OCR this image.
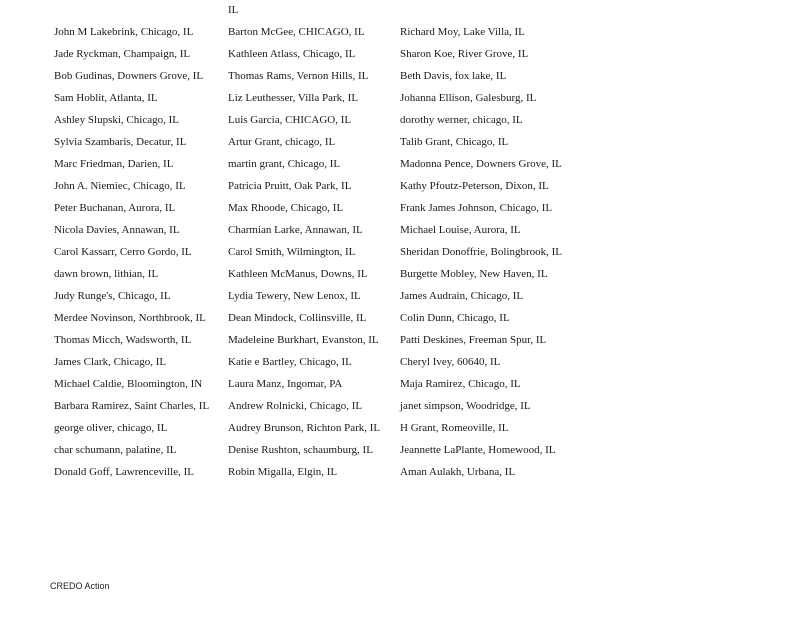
IL
John M Lakebrink, Chicago, IL	Barton McGee, CHICAGO, IL	Richard Moy, Lake Villa, IL
Jade Ryckman, Champaign, IL	Kathleen Atlass, Chicago, IL	Sharon Koe, River Grove, IL
Bob Gudinas, Downers Grove, IL	Thomas Rams, Vernon Hills, IL	Beth Davis, fox lake, IL
Sam Hoblit, Atlanta, IL	Liz Leuthesser, Villa Park, IL	Johanna Ellison, Galesburg, IL
Ashley Slupski, Chicago, IL	Luis Garcia, CHICAGO, IL	dorothy werner, chicago, IL
Sylvia Szambaris, Decatur, IL	Artur Grant, chicago, IL	Talib Grant, Chicago, IL
Marc Friedman, Darien, IL	martin grant, Chicago, IL	Madonna Pence, Downers Grove, IL
John A. Niemiec, Chicago, IL	Patricia Pruitt, Oak Park, IL	Kathy Pfoutz-Peterson, Dixon, IL
Peter Buchanan, Aurora, IL	Max Rhoode, Chicago, IL	Frank James Johnson, Chicago, IL
Nicola Davies, Annawan, IL	Charmian Larke, Annawan, IL	Michael Louise, Aurora, IL
Carol Kassarr, Cerro Gordo, IL	Carol Smith, Wilmington, IL	Sheridan Donoffrie, Bolingbrook, IL
dawn brown, lithian, IL	Kathleen McManus, Downs, IL	Burgette Mobley, New Haven, IL
Judy Runge's, Chicago, IL	Lydia Tewery, New Lenox, IL	James Audrain, Chicago, IL
Merdee Novinson, Northbrook, IL	Dean Mindock, Collinsville, IL	Colin Dunn, Chicago, IL
Thomas Micch, Wadsworth, IL	Madeleine Burkhart, Evanston, IL	Patti Deskines, Freeman Spur, IL
James Clark, Chicago, IL	Katie e Bartley, Chicago, IL	Cheryl Ivey, 60640, IL
Michael Caldie, Bloomington, IN	Laura Manz, Ingomar, PA	Maja Ramirez, Chicago, IL
Barbara Ramirez, Saint Charles, IL	Andrew Rolnicki, Chicago, IL	janet simpson, Woodridge, IL
george oliver, chicago, IL	Audrey Brunson, Richton Park, IL	H Grant, Romeoville, IL
char schumann, palatine, IL	Denise Rushton, schaumburg, IL	Jeannette LaPlante, Homewood, IL
Donald Goff, Lawrenceville, IL	Robin Migalla, Elgin, IL	Aman Aulakh, Urbana, IL
CREDO Action
